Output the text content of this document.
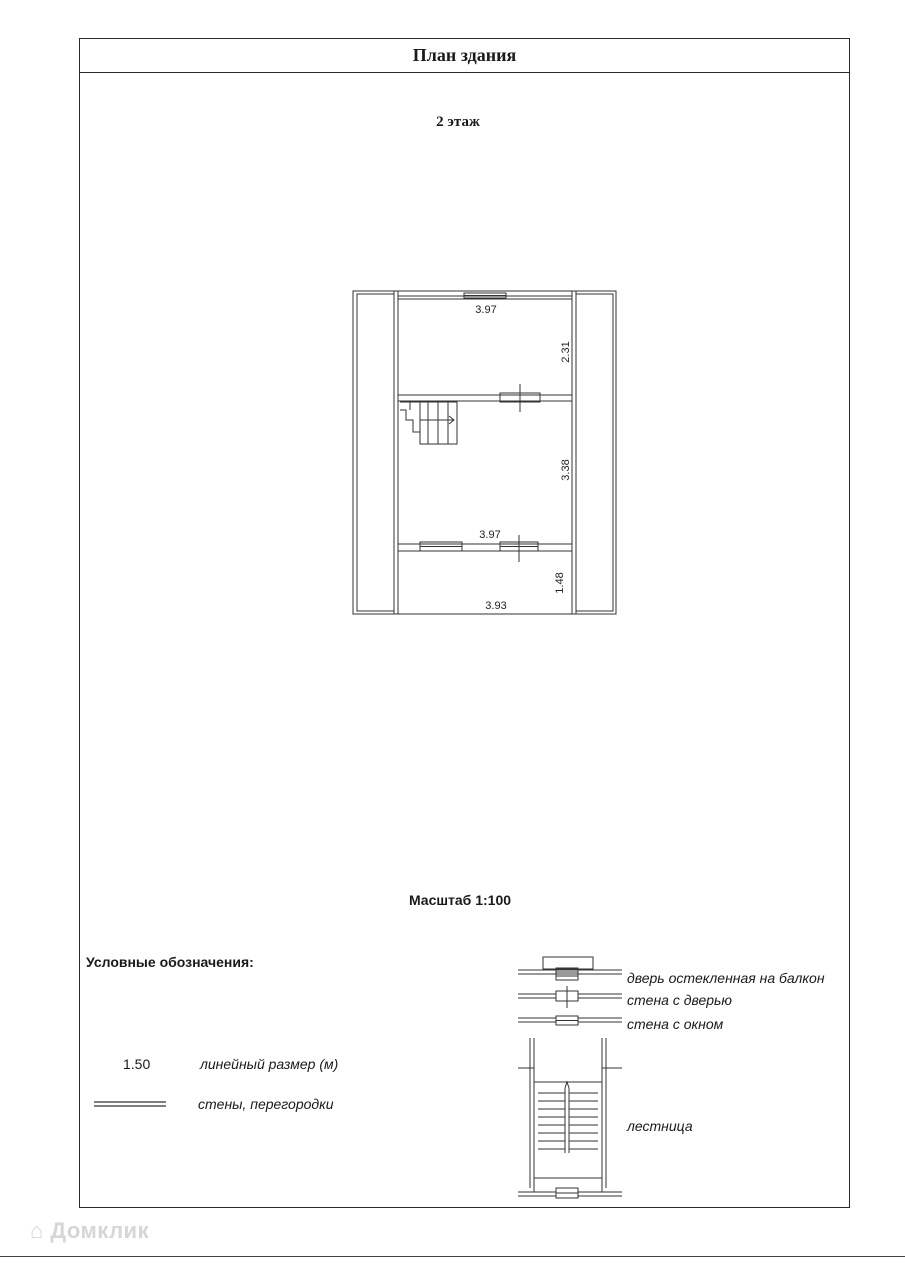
План здания
2 этаж
3.97
2.31
3.38
3.97
1.48
3.93
Масштаб 1:100
Условные обозначения:
1.50	линейный размер (м)
стены, перегородки
дверь остекленная на балкон
стена с дверью
стена с окном
лестница
⌂ Домклик
